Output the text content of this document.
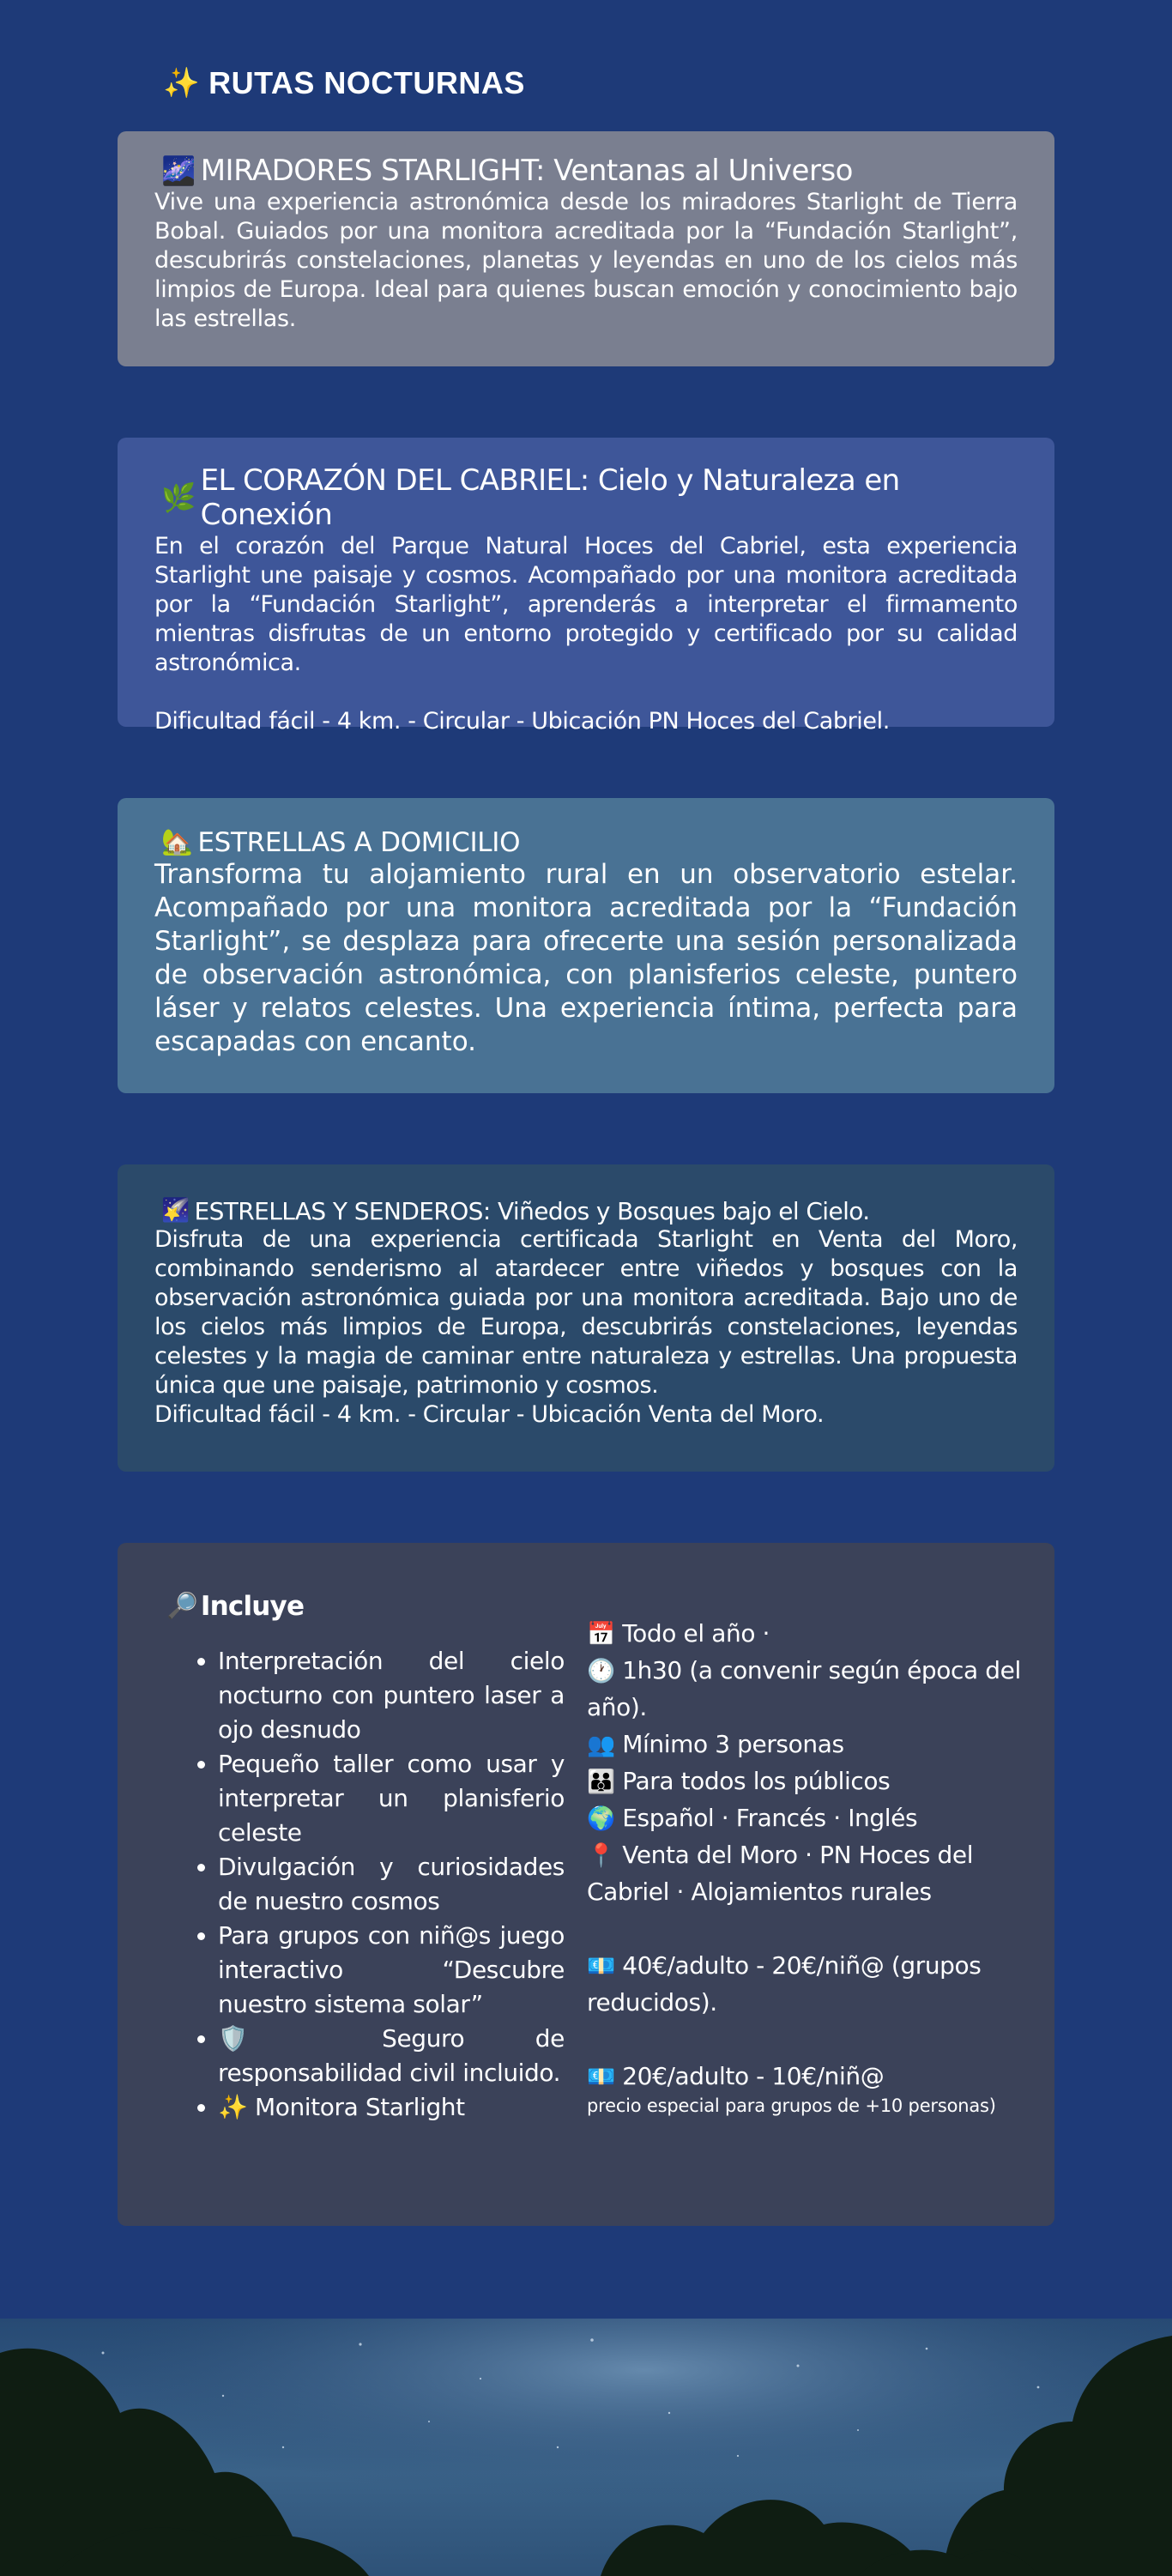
✨ RUTAS NOCTURNAS
🌌 MIRADORES STARLIGHT: Ventanas al Universo

Vive una experiencia astronómica desde los miradores Starlight de Tierra Bobal. Guiados por una monitora acreditada por la “Fundación Starlight”, descubrirás constelaciones, planetas y leyendas en uno de los cielos más limpios de Europa. Ideal para quienes buscan emoción y conocimiento bajo las estrellas.

🌿 EL CORAZÓN DEL CABRIEL: Cielo y Naturaleza en Conexión

En el corazón del Parque Natural Hoces del Cabriel, esta experiencia Starlight une paisaje y cosmos. Acompañado por una monitora acreditada por la “Fundación Starlight”, aprenderás a interpretar el firmamento mientras disfrutas de un entorno protegido y certificado por su calidad astronómica.

Dificultad fácil - 4 km. - Circular - Ubicación PN Hoces del Cabriel.
🏡 ESTRELLAS A DOMICILIO

Transforma tu alojamiento rural en un observatorio estelar. Acompañado por una monitora acreditada por la “Fundación Starlight”, se desplaza para ofrecerte una sesión personalizada de observación astronómica, con planisferios celeste, puntero láser y relatos celestes. Una experiencia íntima, perfecta para escapadas con encanto.

🌠 ESTRELLAS Y SENDEROS: Viñedos y Bosques bajo el Cielo.

Disfruta de una experiencia certificada Starlight en Venta del Moro, combinando senderismo al atardecer entre viñedos y bosques con la observación astronómica guiada por una monitora acreditada. Bajo uno de los cielos más limpios de Europa, descubrirás constelaciones, leyendas celestes y la magia de caminar entre naturaleza y estrellas. Una propuesta única que une paisaje, patrimonio y cosmos.

Dificultad fácil - 4 km. - Circular - Ubicación Venta del Moro.
🔎 Incluye
• Interpretación del cielo nocturno con puntero laser a ojo desnudo
• Pequeño taller como usar y interpretar un planisferio celeste
• Divulgación y curiosidades de nuestro cosmos
• Para grupos con niñ@s juego interactivo “Descubre nuestro sistema solar”
• 🛡️ Seguro de responsabilidad civil incluido.
• ✨ Monitora Starlight
📅 Todo el año ·
🕐 1h30 (a convenir según época del año).
👥 Mínimo 3 personas
👪 Para todos los públicos
🌍 Español · Francés · Inglés
📍 Venta del Moro · PN Hoces del Cabriel · Alojamientos rurales
💶 40€/adulto - 20€/niñ@ (grupos reducidos).
💶 20€/adulto - 10€/niñ@
precio especial para grupos de +10 personas)
